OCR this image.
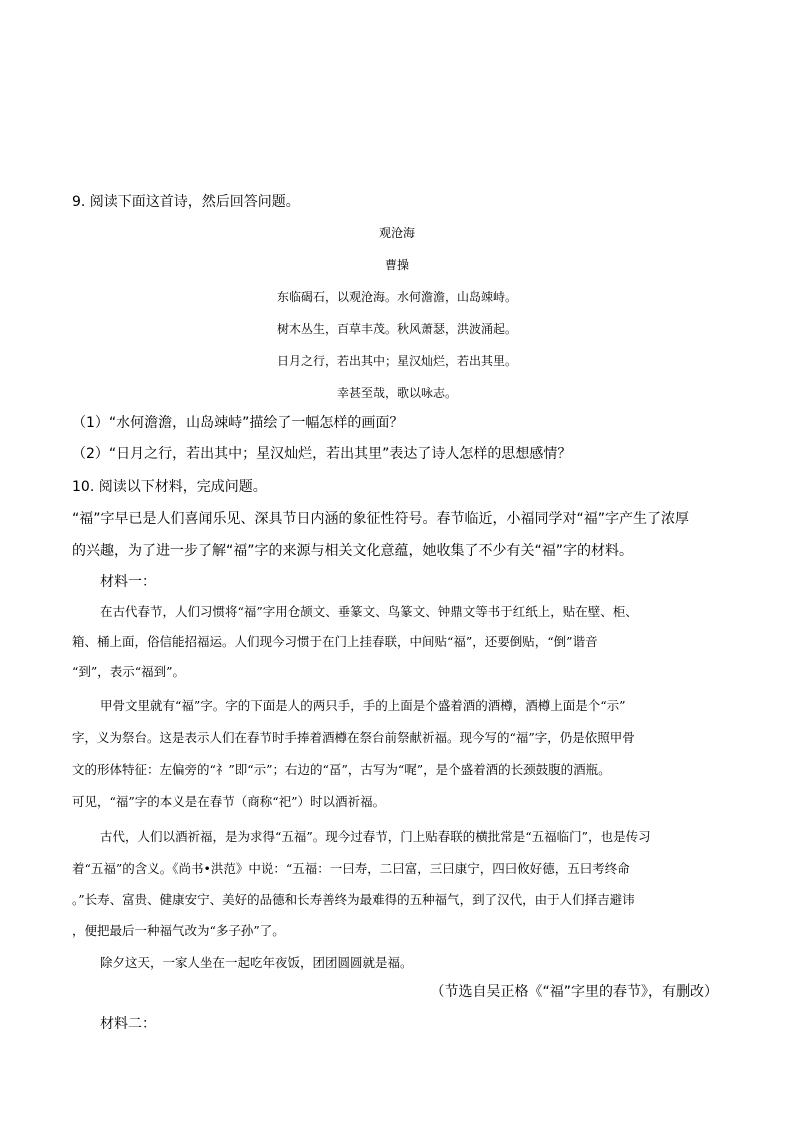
9. 阅读下面这首诗，然后回答问题。
观沧海
曹操
东临碣石，以观沧海。水何澹澹，山岛竦峙。
树木丛生，百草丰茂。秋风萧瑟，洪波涌起。
日月之行，若出其中；星汉灿烂，若出其里。
幸甚至哉，歌以咏志。
（1）“水何澹澹，山岛竦峙”描绘了一幅怎样的画面？
（2）“日月之行，若出其中；星汉灿烂，若出其里”表达了诗人怎样的思想感情？
10. 阅读以下材料，完成问题。
“福”字早已是人们喜闻乐见、深具节日内涵的象征性符号。春节临近，小福同学对“福”字产生了浓厚
的兴趣，为了进一步了解“福”字的来源与相关文化意蕴，她收集了不少有关“福”字的材料。
材料一：
在古代春节，人们习惯将“福”字用仓颉文、垂篆文、鸟篆文、钟鼎文等书于红纸上，贴在壁、柜、
箱、桶上面，俗信能招福运。人们现今习惯于在门上挂春联，中间贴“福”，还要倒贴，“倒”谐音
“到”，表示“福到”。
甲骨文里就有“福”字。字的下面是人的两只手，手的上面是个盛着酒的酒樽，酒樽上面是个“示”
字，义为祭台。这是表示人们在春节时手捧着酒樽在祭台前祭献祈福。现今写的“福”字，仍是依照甲骨
文的形体特征：左偏旁的“礻”即“示”；右边的“畐”，古写为“𠳿”，是个盛着酒的长颈鼓腹的酒瓶。
可见，“福”字的本义是在春节（商称“祀”）时以酒祈福。
古代，人们以酒祈福，是为求得“五福”。现今过春节，门上贴春联的横批常是“五福临门”，也是传习
着“五福”的含义。《尚书•洪范》中说：“五福：一曰寿，二曰富，三曰康宁，四曰攸好德，五曰考终命
。”长寿、富贵、健康安宁、美好的品德和长寿善终为最难得的五种福气，到了汉代，由于人们择吉避讳
，便把最后一种福气改为“多子孙”了。
除夕这天，一家人坐在一起吃年夜饭，团团圆圆就是福。
（节选自吴正格《“福”字里的春节》，有删改）
材料二：
